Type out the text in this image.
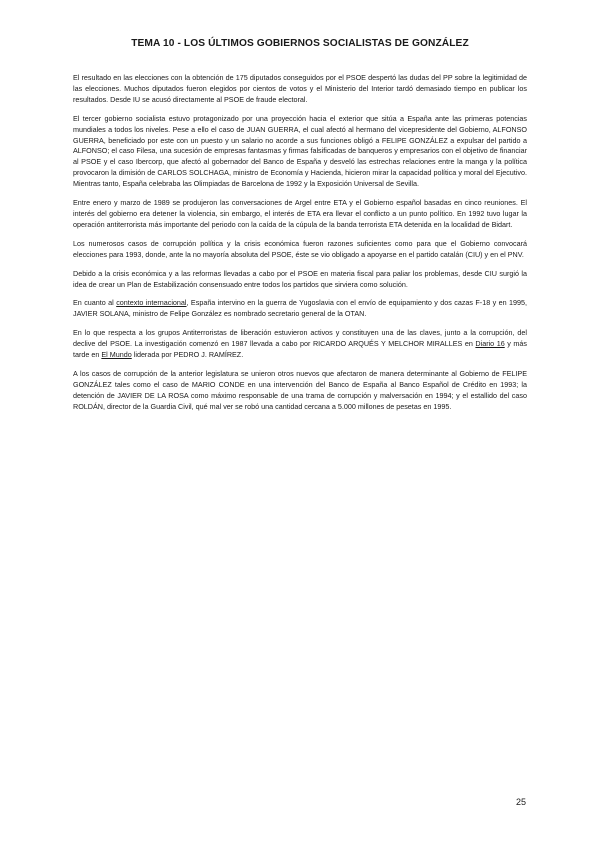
TEMA 10 - LOS ÚLTIMOS GOBIERNOS SOCIALISTAS DE GONZÁLEZ

El resultado en las elecciones con la obtención de 175 diputados conseguidos por el PSOE despertó las dudas del PP sobre la legitimidad de las elecciones. Muchos diputados fueron elegidos por cientos de votos y el Ministerio del Interior tardó demasiado tiempo en publicar los resultados. Desde IU se acusó directamente al PSOE de fraude electoral.

El tercer gobierno socialista estuvo protagonizado por una proyección hacia el exterior que sitúa a España ante las primeras potencias mundiales a todos los niveles. Pese a ello el caso de JUAN GUERRA, el cual afectó al hermano del vicepresidente del Gobierno, ALFONSO GUERRA, beneficiado por este con un puesto y un salario no acorde a sus funciones obligó a FELIPE GONZÁLEZ a expulsar del partido a ALFONSO; el caso Filesa, una sucesión de empresas fantasmas y firmas falsificadas de banqueros y empresarios con el objetivo de financiar al PSOE y el caso Ibercorp, que afectó al gobernador del Banco de España y desveló las estrechas relaciones entre la manga y la política provocaron la dimisión de CARLOS SOLCHAGA, ministro de Economía y Hacienda, hicieron mirar la capacidad política y moral del Ejecutivo. Mientras tanto, España celebraba las Olimpiadas de Barcelona de 1992 y la Exposición Universal de Sevilla.

Entre enero y marzo de 1989 se produjeron las conversaciones de Argel entre ETA y el Gobierno español basadas en cinco reuniones. El interés del gobierno era detener la violencia, sin embargo, el interés de ETA era llevar el conflicto a un punto político. En 1992 tuvo lugar la operación antiterrorista más importante del periodo con la caída de la cúpula de la banda terrorista ETA detenida en la localidad de Bidart.

Los numerosos casos de corrupción política y la crisis económica fueron razones suficientes como para que el Gobierno convocará elecciones para 1993, donde, ante la no mayoría absoluta del PSOE, éste se vio obligado a apoyarse en el partido catalán (CIU) y en el PNV.

Debido a la crisis económica y a las reformas llevadas a cabo por el PSOE en materia fiscal para paliar los problemas, desde CIU surgió la idea de crear un Plan de Estabilización consensuado entre todos los partidos que sirviera como solución.

En cuanto al contexto internacional, España intervino en la guerra de Yugoslavia con el envío de equipamiento y dos cazas F-18 y en 1995, JAVIER SOLANA, ministro de Felipe González es nombrado secretario general de la OTAN.

En lo que respecta a los grupos Antiterroristas de liberación estuvieron activos y constituyen una de las claves, junto a la corrupción, del declive del PSOE. La investigación comenzó en 1987 llevada a cabo por RICARDO ARQUÉS Y MELCHOR MIRALLES en Diario 16 y más tarde en El Mundo liderada por PEDRO J. RAMÍREZ.

A los casos de corrupción de la anterior legislatura se unieron otros nuevos que afectaron de manera determinante al Gobierno de FELIPE GONZÁLEZ tales como el caso de MARIO CONDE en una intervención del Banco de España al Banco Español de Crédito en 1993; la detención de JAVIER DE LA ROSA como máximo responsable de una trama de corrupción y malversación en 1994; y el estallido del caso ROLDÁN, director de la Guardia Civil, qué mal ver se robó una cantidad cercana a 5.000 millones de pesetas en 1995.

25
